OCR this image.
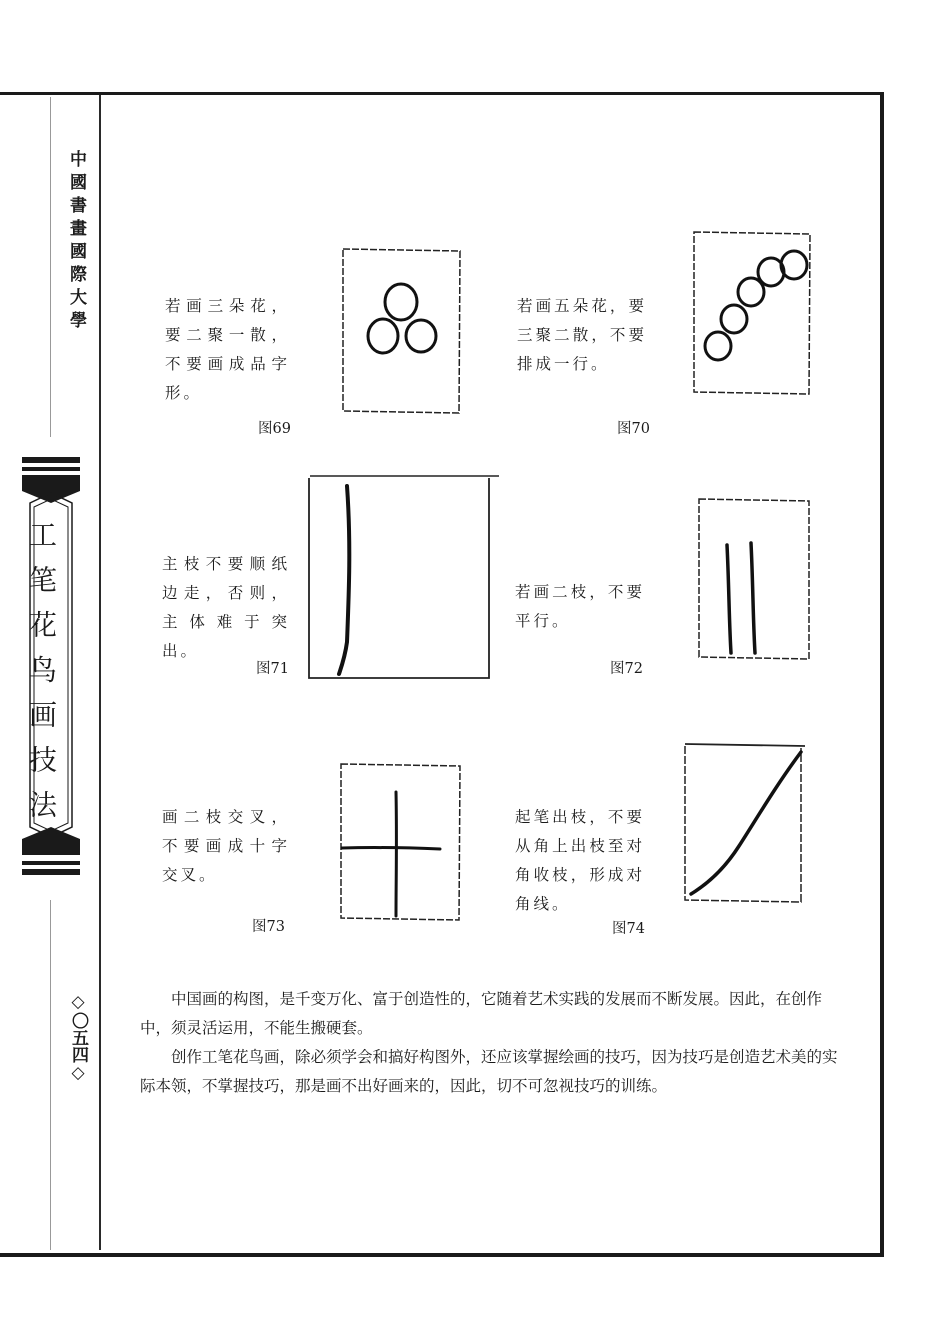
中國書畫國際大學
工笔花鸟画技法
◇〇五四◇
若画三朵花，要二聚一散，不要画成品字形。
图69
若画五朵花，要三聚二散，不要排成一行。
图70
主枝不要顺纸边走，否则，主体难于突出。
图71
若画二枝，不要平行。
图72
画二枝交叉，不要画成十字交叉。
图73
起笔出枝，不要从角上出枝至对角收枝，形成对角线。
图74

中国画的构图，是千变万化、富于创造性的，它随着艺术实践的发展而不断发展。因此，在创作中，须灵活运用，不能生搬硬套。

创作工笔花鸟画，除必须学会和搞好构图外，还应该掌握绘画的技巧，因为技巧是创造艺术美的实际本领，不掌握技巧，那是画不出好画来的，因此，切不可忽视技巧的训练。
